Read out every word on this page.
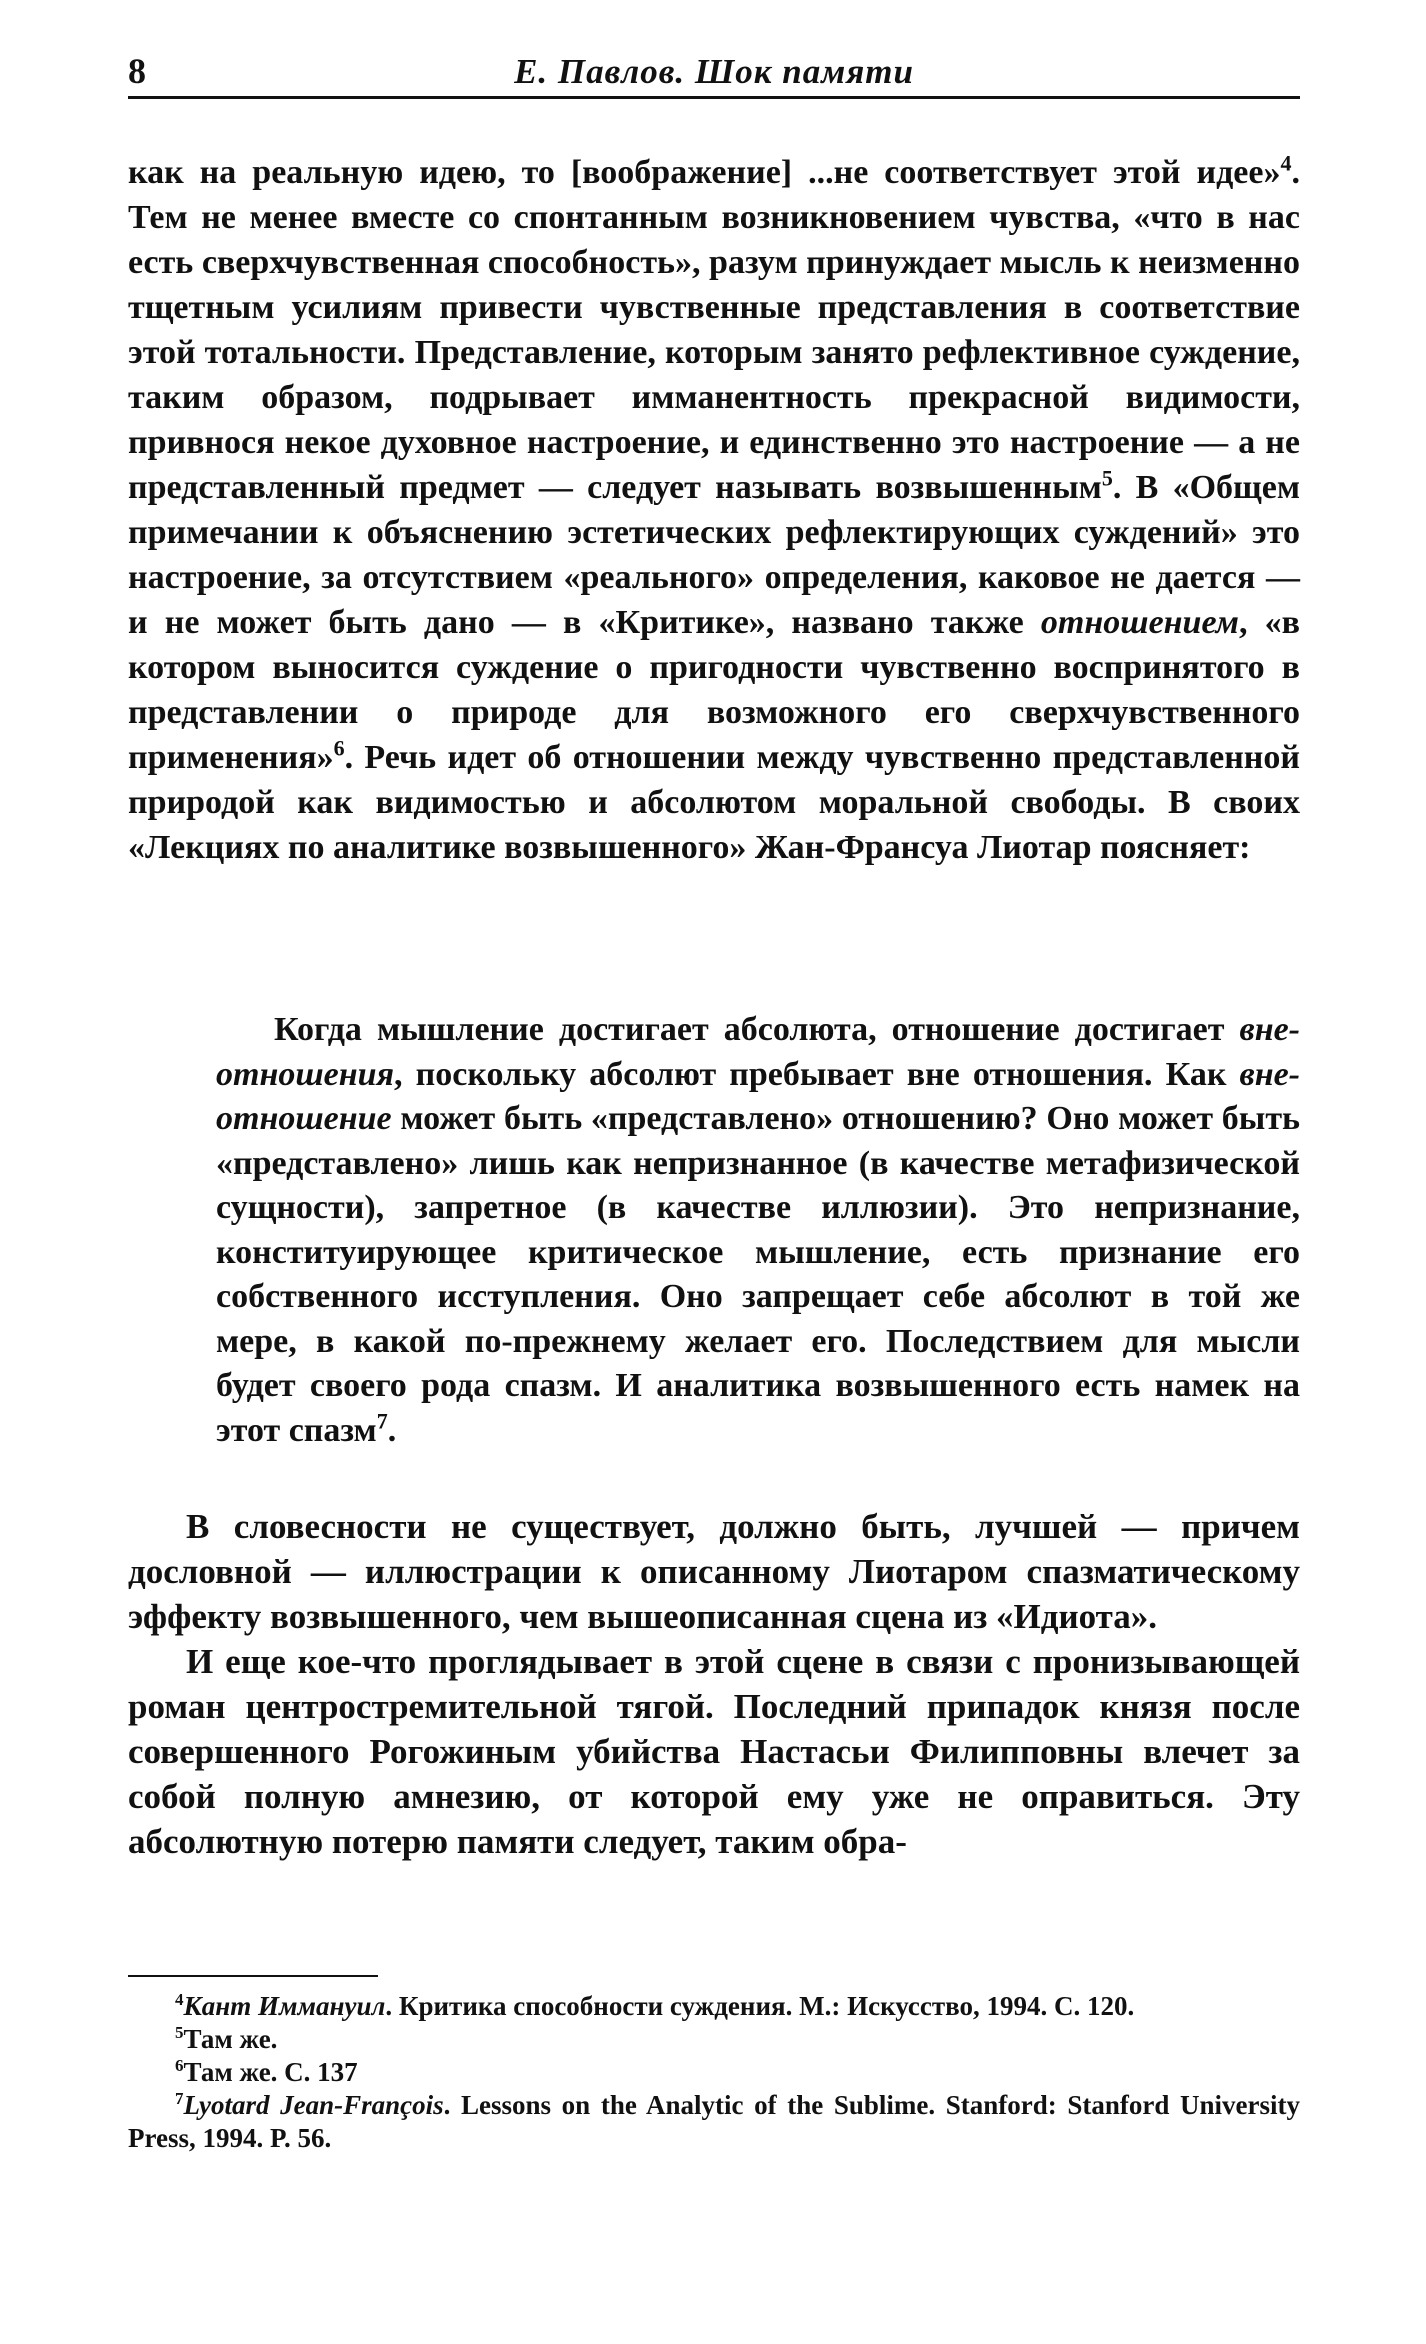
8	Е. Павлов. Шок памяти

как на реальную идею, то [воображение] ...не соответствует этой идее»$^4$. Тем не менее вместе со спонтанным возникновением чувства, «что в нас есть сверхчувственная способность», разум принуждает мысль к неизменно тщетным усилиям привести чувственные представления в соответствие этой тотальности. Представление, которым занято рефлективное суждение, таким образом, подрывает имманентность прекрасной видимости, привнося некое духовное настроение, и единственно это настроение — а не представленный предмет — следует называть возвышенным$^5$. В «Общем примечании к объяснению эстетических рефлектирующих суждений» это настроение, за отсутствием «реального» определения, каковое не дается — и не может быть дано — в «Критике», названо также отношением, «в котором выносится суждение о пригодности чувственно воспринятого в представлении о природе для возможного его сверхчувственного применения»$^6$. Речь идет об отношении между чувственно представленной природой как видимостью и абсолютом моральной свободы. В своих «Лекциях по аналитике возвышенного» Жан-Франсуа Лиотар поясняет:

Когда мышление достигает абсолюта, отношение достигает вне-отношения, поскольку абсолют пребывает вне отношения. Как вне-отношение может быть «представлено» отношению? Оно может быть «представлено» лишь как непризнанное (в качестве метафизической сущности), запретное (в качестве иллюзии). Это непризнание, конституирующее критическое мышление, есть признание его собственного исступления. Оно запрещает себе абсолют в той же мере, в какой по-прежнему желает его. Последствием для мысли будет своего рода спазм. И аналитика возвышенного есть намек на этот спазм$^7$.

В словесности не существует, должно быть, лучшей — причем дословной — иллюстрации к описанному Лиотаром спазматическому эффекту возвышенного, чем вышеописанная сцена из «Идиота».

И еще кое-что проглядывает в этой сцене в связи с пронизывающей роман центростремительной тягой. Последний припадок князя после совершенного Рогожиным убийства Настасьи Филипповны влечет за собой полную амнезию, от которой ему уже не оправиться. Эту абсолютную потерю памяти следует, таким обра-

$^4$Кант Иммануил. Критика способности суждения. М.: Искусство, 1994. С. 120.

$^5$Там же.

$^6$Там же. С. 137

$^7$Lyotard Jean-François. Lessons on the Analytic of the Sublime. Stanford: Stanford University Press, 1994. P. 56.
